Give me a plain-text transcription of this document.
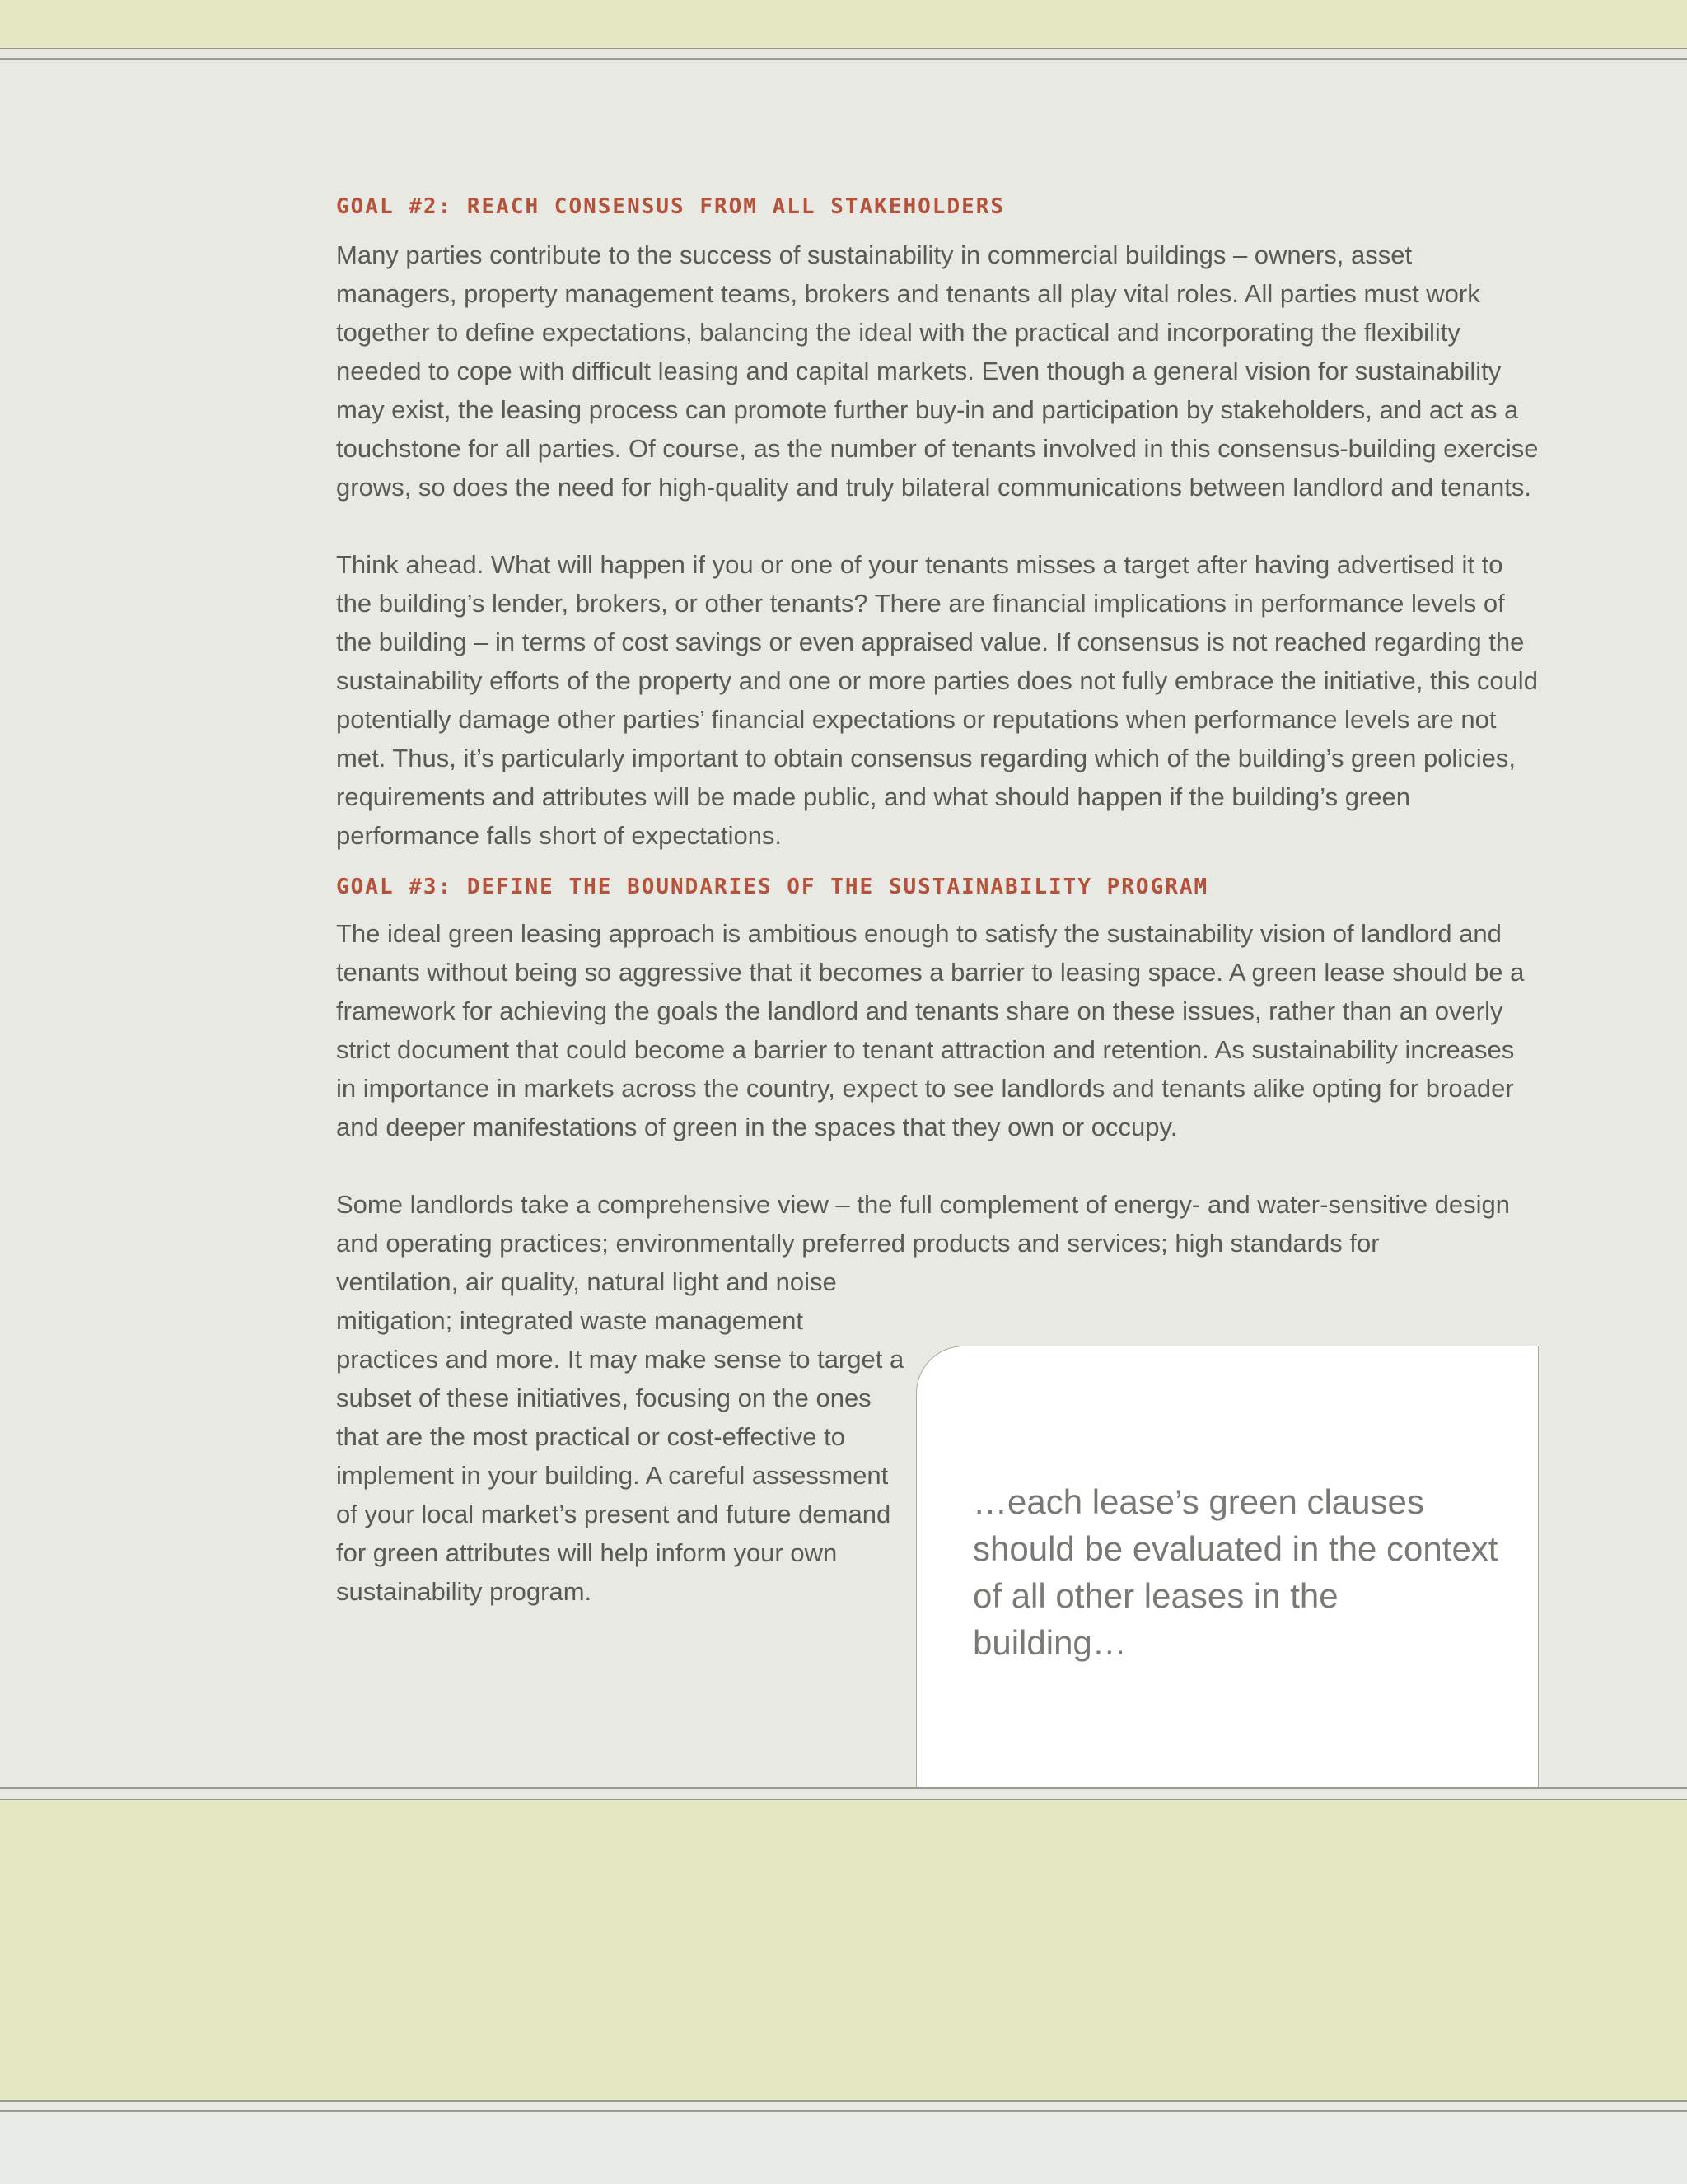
GOAL #2: REACH CONSENSUS FROM ALL STAKEHOLDERS

Many parties contribute to the success of sustainability in commercial buildings – owners, asset managers, property management teams, brokers and tenants all play vital roles. All parties must work together to define expectations, balancing the ideal with the practical and incorporating the flexibility needed to cope with difficult leasing and capital markets. Even though a general vision for sustainability may exist, the leasing process can promote further buy-in and participation by stakeholders, and act as a touchstone for all parties. Of course, as the number of tenants involved in this consensus-building exercise grows, so does the need for high-quality and truly bilateral communications between landlord and tenants.

Think ahead. What will happen if you or one of your tenants misses a target after having advertised it to the building’s lender, brokers, or other tenants? There are financial implications in performance levels of the building – in terms of cost savings or even appraised value. If consensus is not reached regarding the sustainability efforts of the property and one or more parties does not fully embrace the initiative, this could potentially damage other parties’ financial expectations or reputations when performance levels are not met. Thus, it’s particularly important to obtain consensus regarding which of the building’s green policies, requirements and attributes will be made public, and what should happen if the building’s green performance falls short of expectations.

GOAL #3: DEFINE THE BOUNDARIES OF THE SUSTAINABILITY PROGRAM

The ideal green leasing approach is ambitious enough to satisfy the sustainability vision of landlord and tenants without being so aggressive that it becomes a barrier to leasing space. A green lease should be a framework for achieving the goals the landlord and tenants share on these issues, rather than an overly strict document that could become a barrier to tenant attraction and retention. As sustainability increases in importance in markets across the country, expect to see landlords and tenants alike opting for broader and deeper manifestations of green in the spaces that they own or occupy.

Some landlords take a comprehensive view – the full complement of energy- and water-sensitive design and operating practices; environmentally preferred products and services; high standards for

ventilation, air quality, natural light and noise mitigation; integrated waste management practices and more. It may make sense to target a subset of these initiatives, focusing on the ones that are the most practical or cost-effective to implement in your building. A careful assessment of your local market’s present and future demand for green attributes will help inform your own sustainability program.

…each lease’s green clauses should be evaluated in the context of all other leases in the building…
